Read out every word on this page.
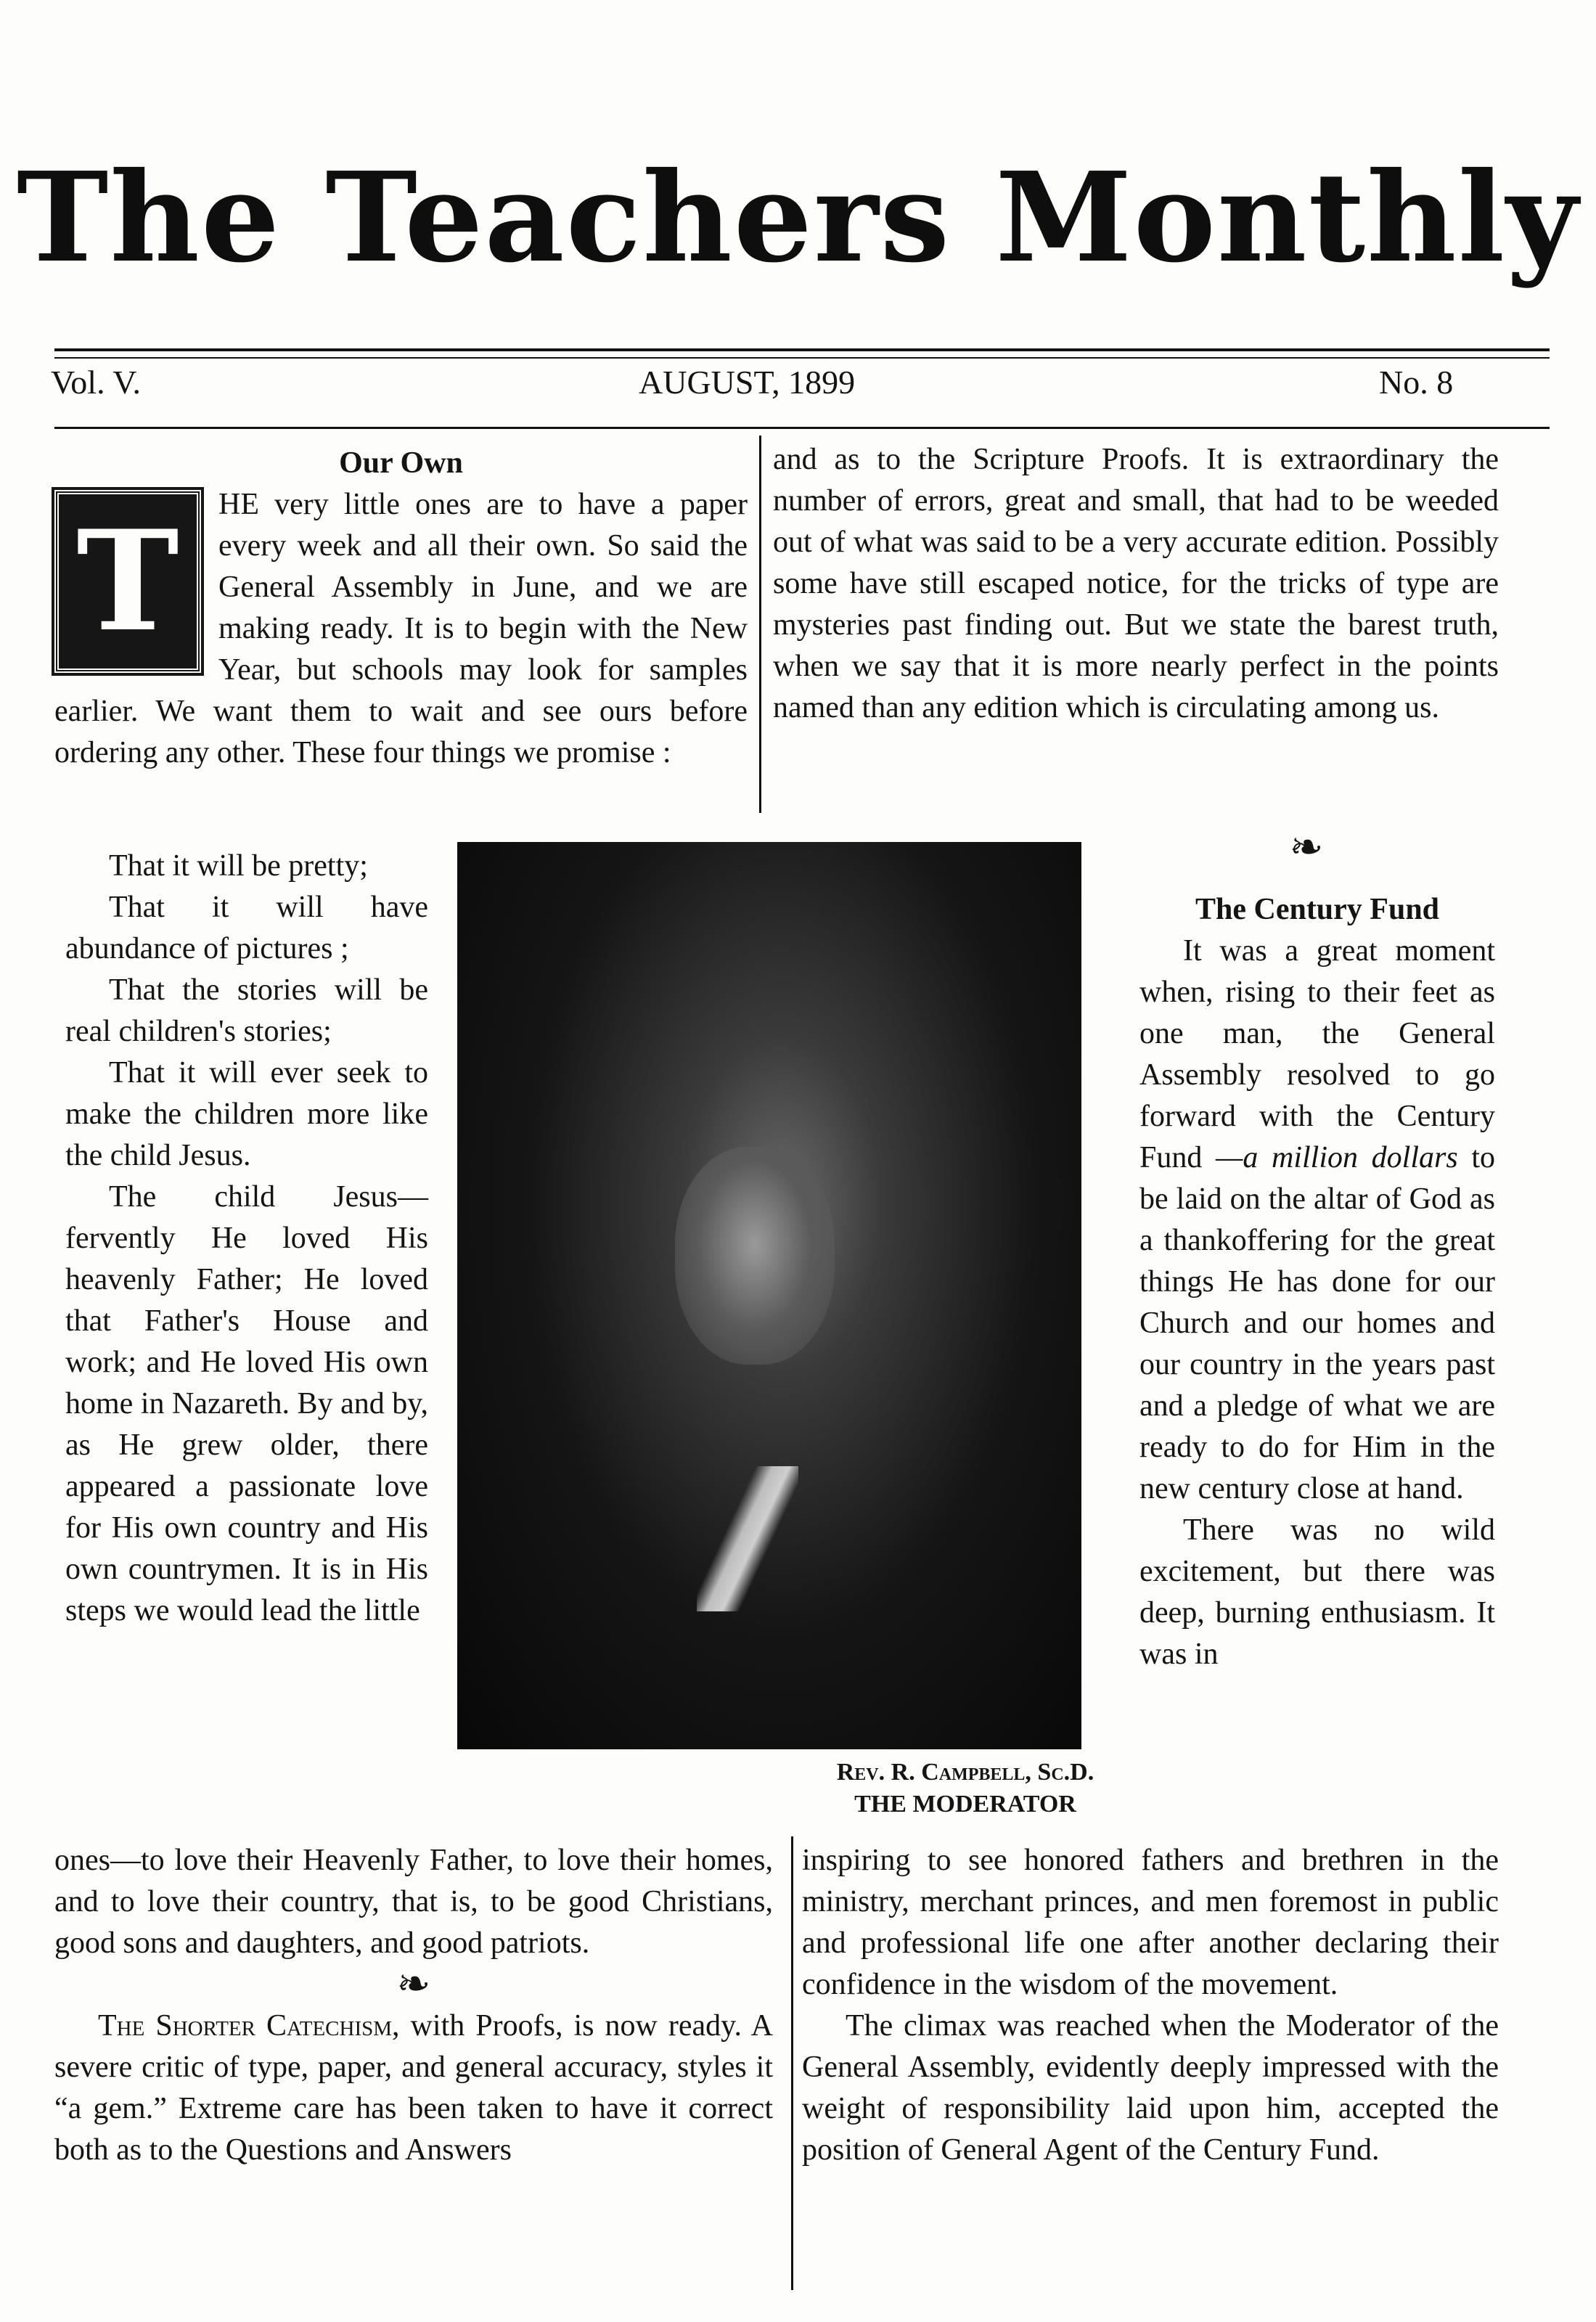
The Teachers Monthly
Vol. V.	AUGUST, 1899	No. 8

Our Own

T	HE very little ones are to have a paper every week and all their own. So said the General Assembly in June, and we are making ready. It is to begin with the New Year, but schools may look for samples earlier. We want them to wait and see ours before ordering any other. These four things we promise :

That it will be pretty;

That it will have abundance of pictures ;

That the stories will be real children's stories;

That it will ever seek to make the children more like the child Jesus.

The child Jesus— fervently He loved His heavenly Father; He loved that Father's House and work; and He loved His own home in Nazareth. By and by, as He grew older, there appeared a passionate love for His own country and His own countrymen. It is in His steps we would lead the little

and as to the Scripture Proofs. It is extraordinary the number of errors, great and small, that had to be weeded out of what was said to be a very accurate edition. Possibly some have still escaped notice, for the tricks of type are mysteries past finding out. But we state the barest truth, when we say that it is more nearly perfect in the points named than any edition which is circulating among us.

❧

The Century Fund

It was a great moment when, rising to their feet as one man, the General Assembly resolved to go forward with the Century Fund —a million dollars to be laid on the altar of God as a thankoffering for the great things He has done for our Church and our homes and our country in the years past and a pledge of what we are ready to do for Him in the new century close at hand.

There was no wild excitement, but there was deep, burning enthusiasm. It was in

Rev. R. Campbell, Sc.D.
THE MODERATOR

ones—to love their Heavenly Father, to love their homes, and to love their country, that is, to be good Christians, good sons and daughters, and good patriots.

❧

The Shorter Catechism, with Proofs, is now ready. A severe critic of type, paper, and general accuracy, styles it “a gem.” Extreme care has been taken to have it correct both as to the Questions and Answers

inspiring to see honored fathers and brethren in the ministry, merchant princes, and men foremost in public and professional life one after another declaring their confidence in the wisdom of the movement.

The climax was reached when the Moderator of the General Assembly, evidently deeply impressed with the weight of responsibility laid upon him, accepted the position of General Agent of the Century Fund.
